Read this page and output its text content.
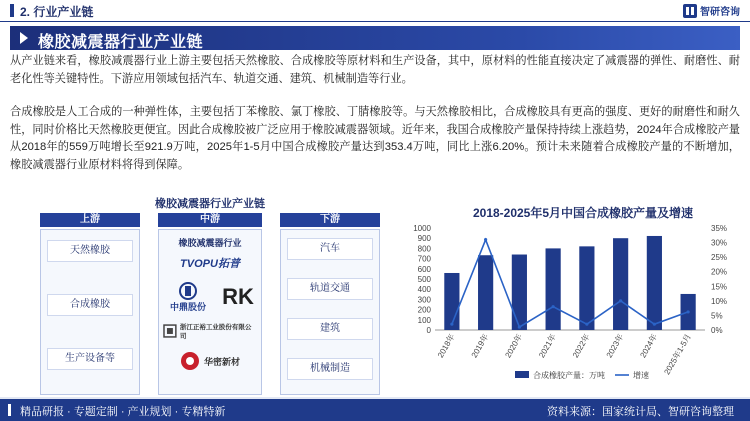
2. 行业产业链	智研咨询
橡胶减震器行业产业链
从产业链来看，橡胶减震器行业上游主要包括天然橡胶、合成橡胶等原材料和生产设备，其中，原材料的性能直接决定了减震器的弹性、耐磨性、耐老化性等关键特性。下游应用领域包括汽车、轨道交通、建筑、机械制造等行业。
合成橡胶是人工合成的一种弹性体，主要包括丁苯橡胶、氯丁橡胶、丁腈橡胶等。与天然橡胶相比，合成橡胶具有更高的强度、更好的耐磨性和耐久性，同时价格比天然橡胶更便宜。因此合成橡胶被广泛应用于橡胶减震器领域。近年来，我国合成橡胶产量保持持续上涨趋势，2024年合成橡胶产量从2018年的559万吨增长至921.9万吨，2025年1-5月中国合成橡胶产量达到353.4万吨，同比上涨6.20%。预计未来随着合成橡胶产量的不断增加，橡胶减震器行业原材料将得到保障。
橡胶减震器行业产业链
上游
天然橡胶
合成橡胶
生产设备等
中游
橡胶减震器行业
TVOPU拓普
中鼎股份 RK
浙江正裕工业股份有限公司
华密新材
下游
汽车
轨道交通
建筑
机械制造
2018-2025年5月中国合成橡胶产量及增速
0
100
200
300
400
500
600
700
800
900
1000
0%
5%
10%
15%
20%
25%
30%
35%
2018年 2019年 2020年 2021年 2022年 2023年 2024年 2025年1-5月
合成橡胶产量：万吨	增速
精品研报 · 专题定制 · 产业规划 · 专精特新	资料来源：国家统计局、智研咨询整理
